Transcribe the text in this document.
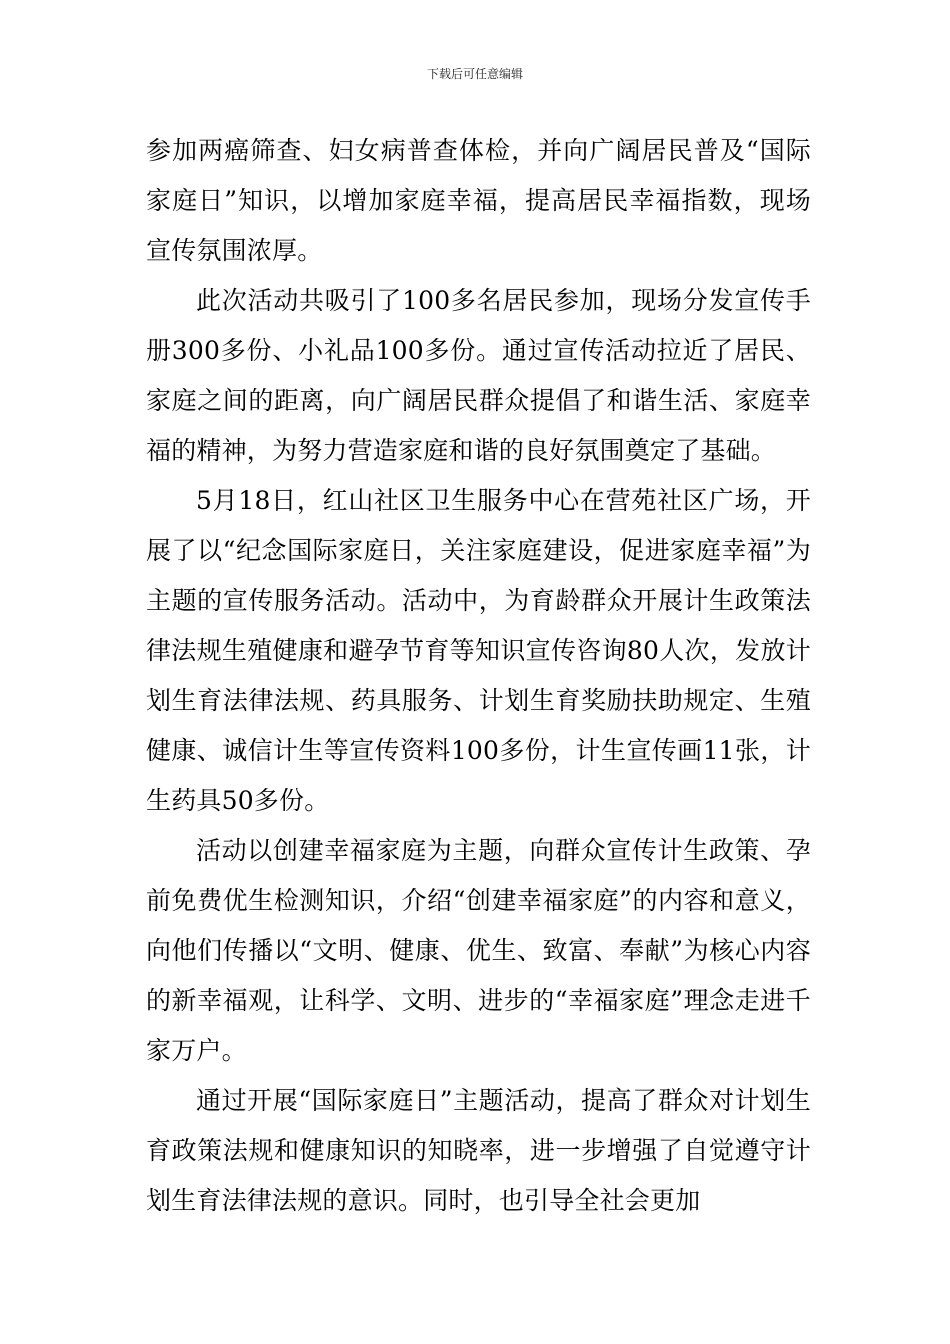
下载后可任意编辑

参加两癌筛查、妇女病普查体检，并向广阔居民普及“国际家庭日”知识，以增加家庭幸福，提高居民幸福指数，现场宣传氛围浓厚。

此次活动共吸引了100多名居民参加，现场分发宣传手册300多份、小礼品100多份。通过宣传活动拉近了居民、家庭之间的距离，向广阔居民群众提倡了和谐生活、家庭幸福的精神，为努力营造家庭和谐的良好氛围奠定了基础。

5月18日，红山社区卫生服务中心在营苑社区广场，开展了以“纪念国际家庭日，关注家庭建设，促进家庭幸福”为主题的宣传服务活动。活动中，为育龄群众开展计生政策法律法规生殖健康和避孕节育等知识宣传咨询80人次，发放计划生育法律法规、药具服务、计划生育奖励扶助规定、生殖健康、诚信计生等宣传资料100多份，计生宣传画11张，计生药具50多份。

活动以创建幸福家庭为主题，向群众宣传计生政策、孕前免费优生检测知识，介绍“创建幸福家庭”的内容和意义，向他们传播以“文明、健康、优生、致富、奉献”为核心内容的新幸福观，让科学、文明、进步的“幸福家庭”理念走进千家万户。

通过开展“国际家庭日”主题活动，提高了群众对计划生育政策法规和健康知识的知晓率，进一步增强了自觉遵守计划生育法律法规的意识。同时，也引导全社会更加
